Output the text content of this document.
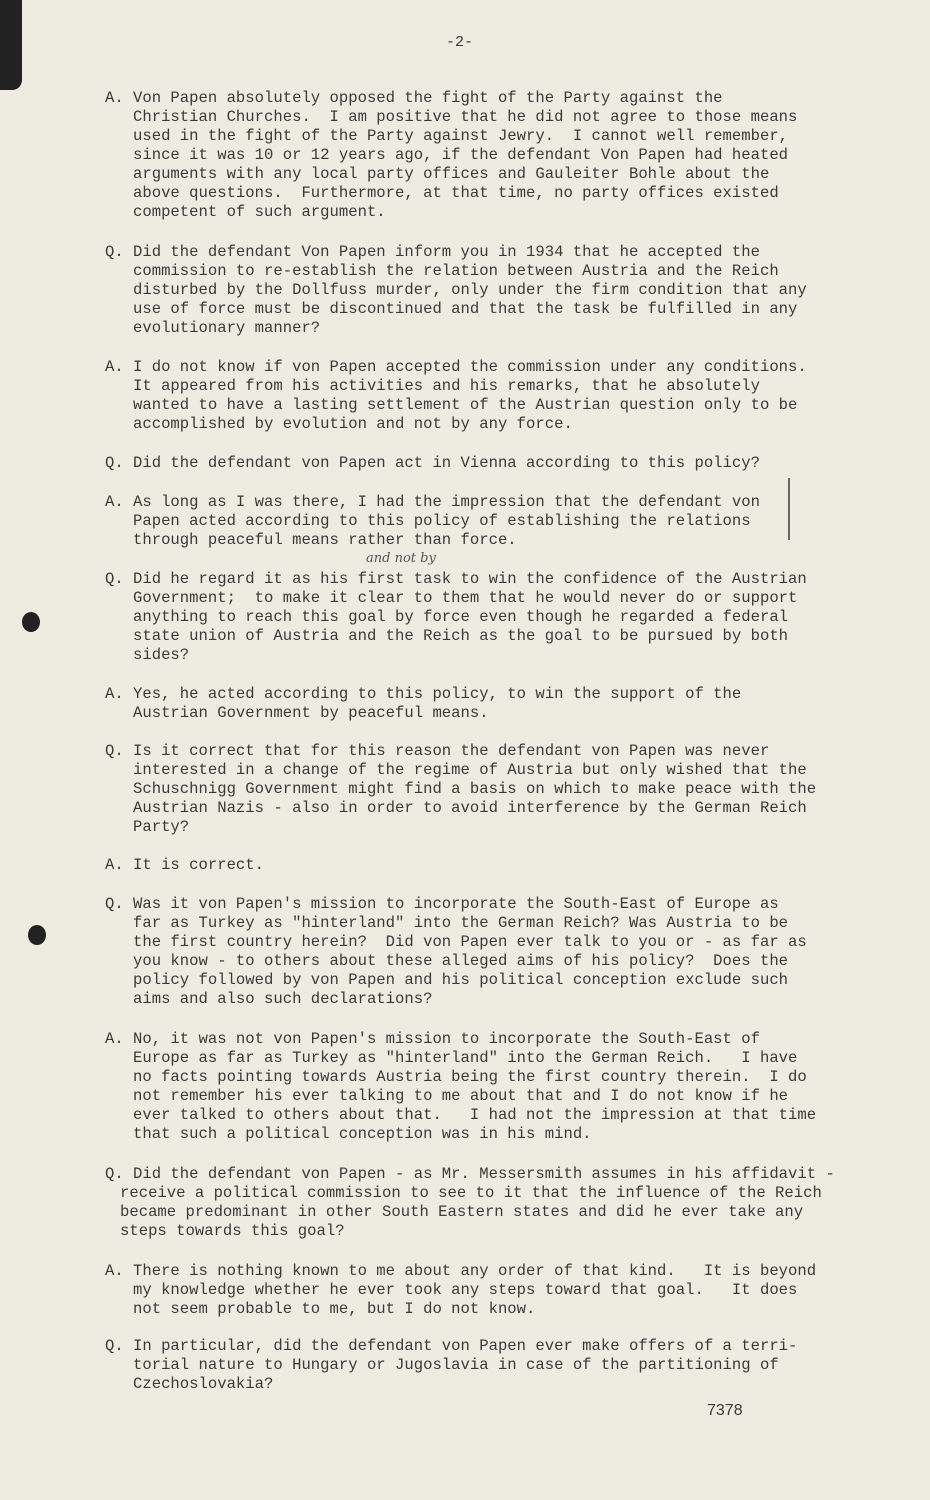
-2-
and not by
7378
A. Von Papen absolutely opposed the fight of the Party against the
Christian Churches.  I am positive that he did not agree to those means
used in the fight of the Party against Jewry.  I cannot well remember,
since it was 10 or 12 years ago, if the defendant Von Papen had heated
arguments with any local party offices and Gauleiter Bohle about the
above questions.  Furthermore, at that time, no party offices existed
competent of such argument.
Q. Did the defendant Von Papen inform you in 1934 that he accepted the
commission to re-establish the relation between Austria and the Reich
disturbed by the Dollfuss murder, only under the firm condition that any
use of force must be discontinued and that the task be fulfilled in any
evolutionary manner?
A. I do not know if von Papen accepted the commission under any conditions.
It appeared from his activities and his remarks, that he absolutely
wanted to have a lasting settlement of the Austrian question only to be
accomplished by evolution and not by any force.
Q. Did the defendant von Papen act in Vienna according to this policy?
A. As long as I was there, I had the impression that the defendant von
Papen acted according to this policy of establishing the relations
through peaceful means rather than force.
Q. Did he regard it as his first task to win the confidence of the Austrian
Government;  to make it clear to them that he would never do or support
anything to reach this goal by force even though he regarded a federal
state union of Austria and the Reich as the goal to be pursued by both
sides?
A. Yes, he acted according to this policy, to win the support of the
Austrian Government by peaceful means.
Q. Is it correct that for this reason the defendant von Papen was never
interested in a change of the regime of Austria but only wished that the
Schuschnigg Government might find a basis on which to make peace with the
Austrian Nazis - also in order to avoid interference by the German Reich
Party?
A. It is correct.
Q. Was it von Papen's mission to incorporate the South-East of Europe as
far as Turkey as "hinterland" into the German Reich? Was Austria to be
the first country herein?  Did von Papen ever talk to you or - as far as
you know - to others about these alleged aims of his policy?  Does the
policy followed by von Papen and his political conception exclude such
aims and also such declarations?
A. No, it was not von Papen's mission to incorporate the South-East of
Europe as far as Turkey as "hinterland" into the German Reich.   I have
no facts pointing towards Austria being the first country therein.  I do
not remember his ever talking to me about that and I do not know if he
ever talked to others about that.   I had not the impression at that time
that such a political conception was in his mind.
Q. Did the defendant von Papen - as Mr. Messersmith assumes in his affidavit -
receive a political commission to see to it that the influence of the Reich
became predominant in other South Eastern states and did he ever take any
steps towards this goal?
A. There is nothing known to me about any order of that kind.   It is beyond
my knowledge whether he ever took any steps toward that goal.   It does
not seem probable to me, but I do not know.
Q. In particular, did the defendant von Papen ever make offers of a terri-
torial nature to Hungary or Jugoslavia in case of the partitioning of
Czechoslovakia?
